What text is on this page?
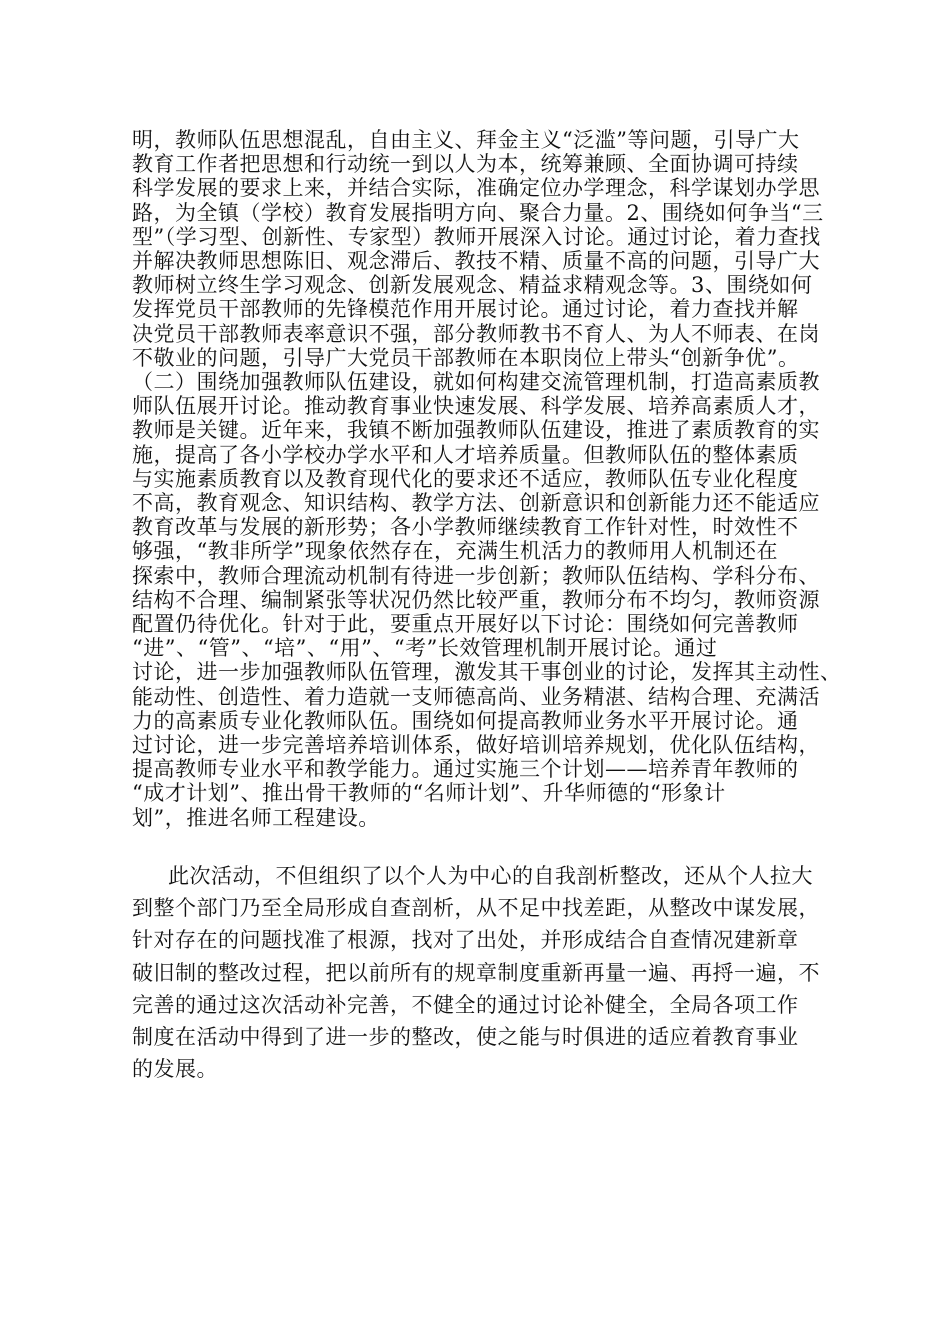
明，教师队伍思想混乱，自由主义、拜金主义“泛滥”等问题，引导广大
教育工作者把思想和行动统一到以人为本，统筹兼顾、全面协调可持续
科学发展的要求上来，并结合实际，准确定位办学理念，科学谋划办学思
路，为全镇（学校）教育发展指明方向、聚合力量。2、围绕如何争当“三
型”（学习型、创新性、专家型）教师开展深入讨论。通过讨论，着力查找
并解决教师思想陈旧、观念滞后、教技不精、质量不高的问题，引导广大
教师树立终生学习观念、创新发展观念、精益求精观念等。3、围绕如何
发挥党员干部教师的先锋模范作用开展讨论。通过讨论，着力查找并解
决党员干部教师表率意识不强，部分教师教书不育人、为人不师表、在岗
不敬业的问题，引导广大党员干部教师在本职岗位上带头“创新争优”。
（二）围绕加强教师队伍建设，就如何构建交流管理机制，打造高素质教
师队伍展开讨论。推动教育事业快速发展、科学发展、培养高素质人才，
教师是关键。近年来，我镇不断加强教师队伍建设，推进了素质教育的实
施，提高了各小学校办学水平和人才培养质量。但教师队伍的整体素质
与实施素质教育以及教育现代化的要求还不适应，教师队伍专业化程度
不高，教育观念、知识结构、教学方法、创新意识和创新能力还不能适应
教育改革与发展的新形势；各小学教师继续教育工作针对性，时效性不
够强，“教非所学”现象依然存在，充满生机活力的教师用人机制还在
探索中，教师合理流动机制有待进一步创新；教师队伍结构、学科分布、
结构不合理、编制紧张等状况仍然比较严重，教师分布不均匀，教师资源
配置仍待优化。针对于此，要重点开展好以下讨论：围绕如何完善教师
“进”、“管”、“培”、“用”、“考”长效管理机制开展讨论。通过
讨论，进一步加强教师队伍管理，激发其干事创业的讨论，发挥其主动性、
能动性、创造性、着力造就一支师德高尚、业务精湛、结构合理、充满活
力的高素质专业化教师队伍。围绕如何提高教师业务水平开展讨论。通
过讨论，进一步完善培养培训体系，做好培训培养规划，优化队伍结构，
提高教师专业水平和教学能力。通过实施三个计划——培养青年教师的
“成才计划”、推出骨干教师的“名师计划”、升华师德的“形象计
划”，推进名师工程建设。
此次活动，不但组织了以个人为中心的自我剖析整改，还从个人拉大
到整个部门乃至全局形成自查剖析，从不足中找差距，从整改中谋发展，
针对存在的问题找准了根源，找对了出处，并形成结合自查情况建新章
破旧制的整改过程，把以前所有的规章制度重新再量一遍、再捋一遍，不
完善的通过这次活动补完善，不健全的通过讨论补健全，全局各项工作
制度在活动中得到了进一步的整改，使之能与时俱进的适应着教育事业
的发展。
